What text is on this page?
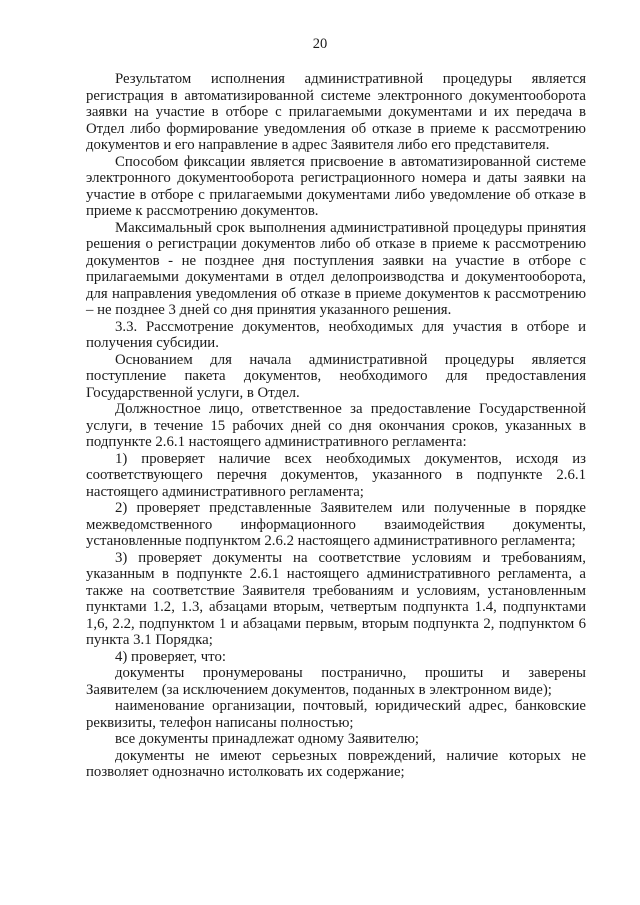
20

Результатом исполнения административной процедуры является регистрация в автоматизированной системе электронного документооборота заявки на участие в отборе с прилагаемыми документами и их передача в Отдел либо формирование уведомления об отказе в приеме к рассмотрению документов и его направление в адрес Заявителя либо его представителя.

Способом фиксации является присвоение в автоматизированной системе электронного документооборота регистрационного номера и даты заявки на участие в отборе с прилагаемыми документами либо уведомление об отказе в приеме к рассмотрению документов.

Максимальный срок выполнения административной процедуры принятия решения о регистрации документов либо об отказе в приеме к рассмотрению документов - не позднее дня поступления заявки на участие в отборе с прилагаемыми документами в отдел делопроизводства и документооборота, для направления уведомления об отказе в приеме документов к рассмотрению – не позднее 3 дней со дня принятия указанного решения.

3.3. Рассмотрение документов, необходимых для участия в отборе и получения субсидии.

Основанием для начала административной процедуры является поступление пакета документов, необходимого для предоставления Государственной услуги, в Отдел.

Должностное лицо, ответственное за предоставление Государственной услуги, в течение 15 рабочих дней со дня окончания сроков, указанных в подпункте 2.6.1 настоящего административного регламента:

1) проверяет наличие всех необходимых документов, исходя из соответствующего перечня документов, указанного в подпункте 2.6.1 настоящего административного регламента;

2) проверяет представленные Заявителем или полученные в порядке межведомственного информационного взаимодействия документы, установленные подпунктом 2.6.2 настоящего административного регламента;

3) проверяет документы на соответствие условиям и требованиям, указанным в подпункте 2.6.1 настоящего административного регламента, а также на соответствие Заявителя требованиям и условиям, установленным пунктами 1.2, 1.3, абзацами вторым, четвертым подпункта 1.4, подпунктами 1,6, 2.2, подпунктом 1 и абзацами первым, вторым подпункта 2, подпунктом 6 пункта 3.1 Порядка;

4) проверяет, что:

документы пронумерованы постранично, прошиты и заверены Заявителем (за исключением документов, поданных в электронном виде);

наименование организации, почтовый, юридический адрес, банковские реквизиты, телефон написаны полностью;

все документы принадлежат одному Заявителю;

документы не имеют серьезных повреждений, наличие которых не позволяет однозначно истолковать их содержание;
